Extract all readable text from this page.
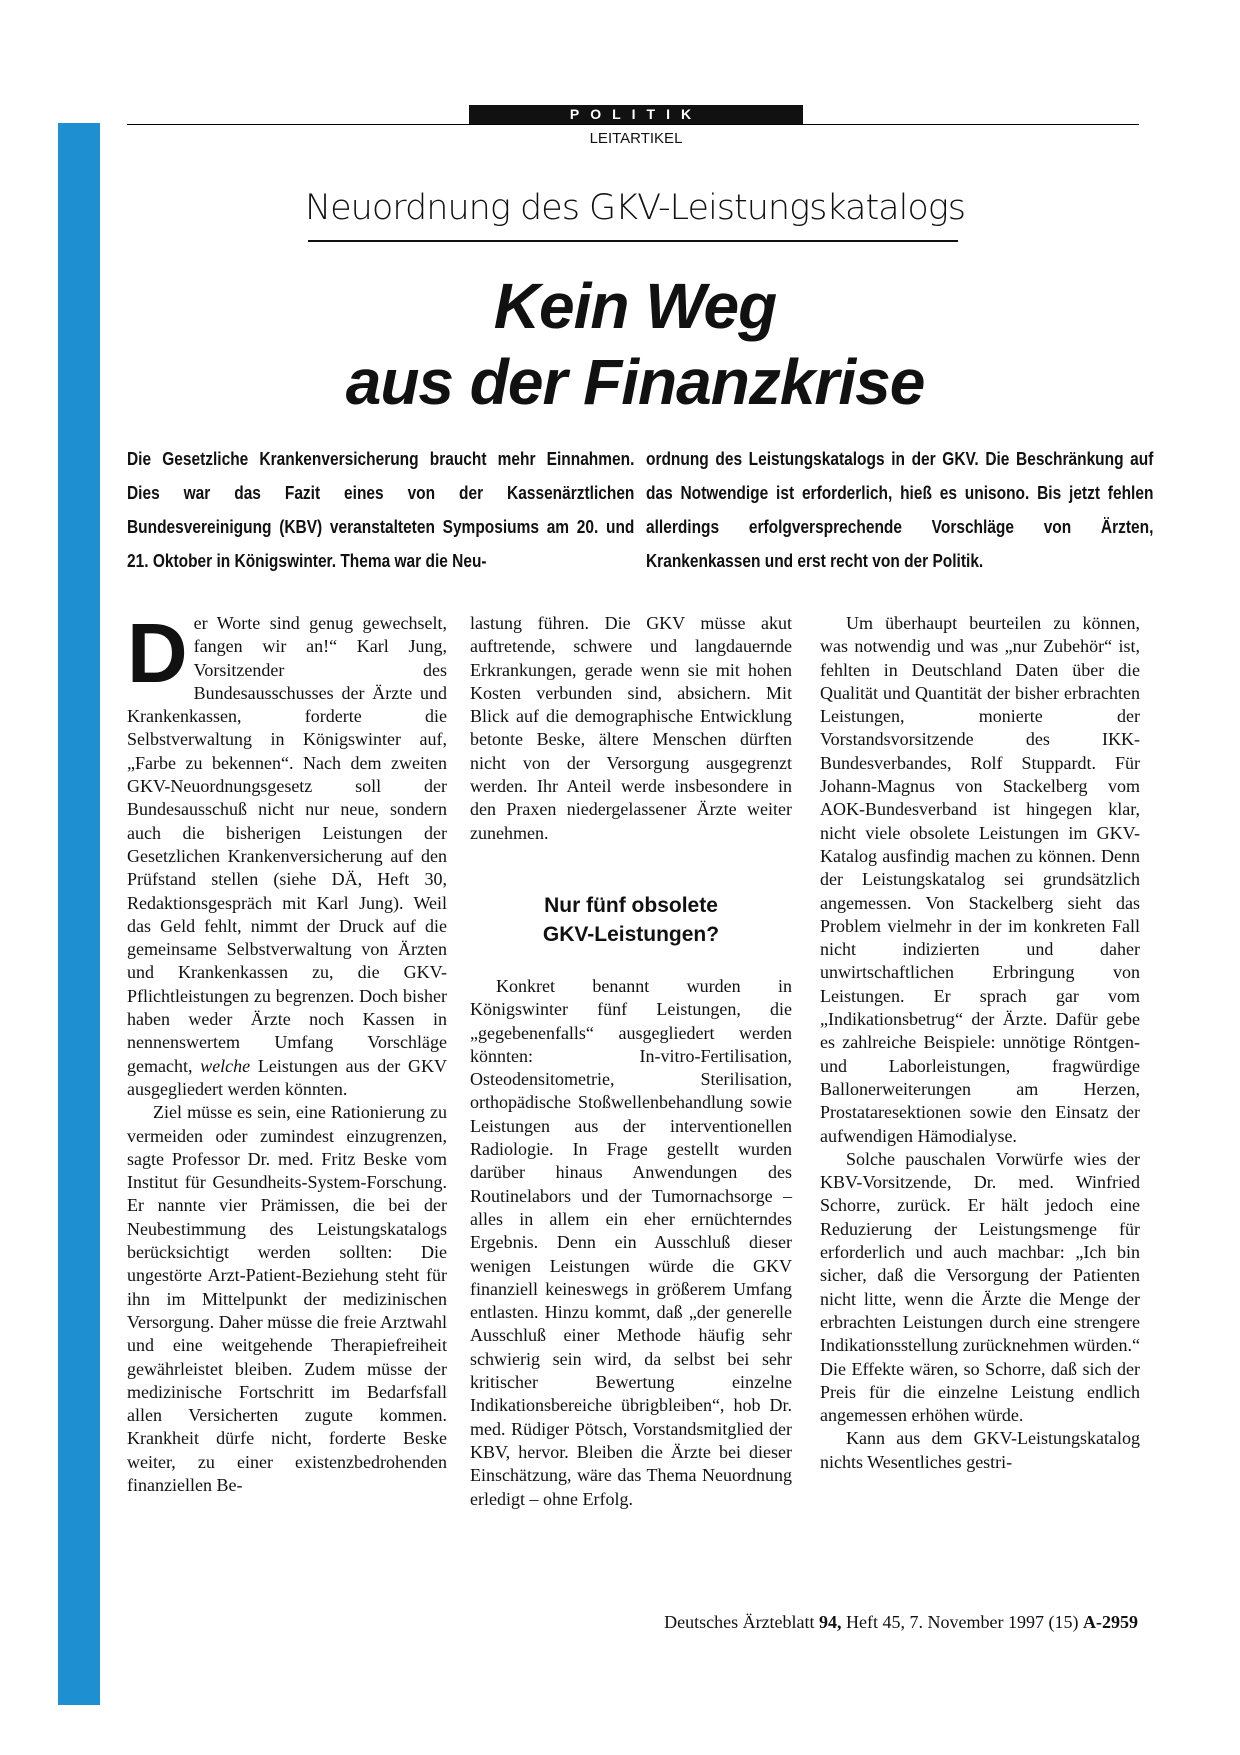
POLITIK
LEITARTIKEL
Neuordnung des GKV-Leistungskatalogs
Kein Weg
aus der Finanzkrise
Die Gesetzliche Krankenversicherung braucht mehr Einnahmen. Dies war das Fazit eines von der Kassenärztlichen Bundesvereinigung (KBV) veranstalteten Symposiums am 20. und 21. Oktober in Königswinter. Thema war die Neu-
ordnung des Leistungskatalogs in der GKV. Die Beschränkung auf das Notwendige ist erforderlich, hieß es unisono. Bis jetzt fehlen allerdings erfolgversprechende Vorschläge von Ärzten, Krankenkassen und erst recht von der Politik.

Der Worte sind genug gewechselt, fangen wir an!“ Karl Jung, Vorsitzender des Bundesausschusses der Ärzte und Krankenkassen, forderte die Selbstverwaltung in Königswinter auf, „Farbe zu bekennen“. Nach dem zweiten GKV-Neuordnungsgesetz soll der Bundesausschuß nicht nur neue, sondern auch die bisherigen Leistungen der Gesetzlichen Krankenversicherung auf den Prüfstand stellen (siehe DÄ, Heft 30, Redaktionsgespräch mit Karl Jung). Weil das Geld fehlt, nimmt der Druck auf die gemeinsame Selbstverwaltung von Ärzten und Krankenkassen zu, die GKV-Pflichtleistungen zu begrenzen. Doch bisher haben weder Ärzte noch Kassen in nennenswertem Umfang Vorschläge gemacht, welche Leistungen aus der GKV ausgegliedert werden könnten.

Ziel müsse es sein, eine Rationierung zu vermeiden oder zumindest einzugrenzen, sagte Professor Dr. med. Fritz Beske vom Institut für Gesundheits-System-Forschung. Er nannte vier Prämissen, die bei der Neubestimmung des Leistungskatalogs berücksichtigt werden sollten: Die ungestörte Arzt-Patient-Beziehung steht für ihn im Mittelpunkt der medizinischen Versorgung. Daher müsse die freie Arztwahl und eine weitgehende Therapiefreiheit gewährleistet bleiben. Zudem müsse der medizinische Fortschritt im Bedarfsfall allen Versicherten zugute kommen. Krankheit dürfe nicht, forderte Beske weiter, zu einer existenzbedrohenden finanziellen Be-

lastung führen. Die GKV müsse akut auftretende, schwere und langdauernde Erkrankungen, gerade wenn sie mit hohen Kosten verbunden sind, absichern. Mit Blick auf die demographische Entwicklung betonte Beske, ältere Menschen dürften nicht von der Versorgung ausgegrenzt werden. Ihr Anteil werde insbesondere in den Praxen niedergelassener Ärzte weiter zunehmen.

Nur fünf obsolete
GKV-Leistungen?

Konkret benannt wurden in Königswinter fünf Leistungen, die „gegebenenfalls“ ausgegliedert werden könnten: In-vitro-Fertilisation, Osteodensitometrie, Sterilisation, orthopädische Stoßwellenbehandlung sowie Leistungen aus der interventionellen Radiologie. In Frage gestellt wurden darüber hinaus Anwendungen des Routinelabors und der Tumornachsorge – alles in allem ein eher ernüchterndes Ergebnis. Denn ein Ausschluß dieser wenigen Leistungen würde die GKV finanziell keineswegs in größerem Umfang entlasten. Hinzu kommt, daß „der generelle Ausschluß einer Methode häufig sehr schwierig sein wird, da selbst bei sehr kritischer Bewertung einzelne Indikationsbereiche übrigbleiben“, hob Dr. med. Rüdiger Pötsch, Vorstandsmitglied der KBV, hervor. Bleiben die Ärzte bei dieser Einschätzung, wäre das Thema Neuordnung erledigt – ohne Erfolg.

Um überhaupt beurteilen zu können, was notwendig und was „nur Zubehör“ ist, fehlten in Deutschland Daten über die Qualität und Quantität der bisher erbrachten Leistungen, monierte der Vorstandsvorsitzende des IKK-Bundesverbandes, Rolf Stuppardt. Für Johann-Magnus von Stackelberg vom AOK-Bundesverband ist hingegen klar, nicht viele obsolete Leistungen im GKV-Katalog ausfindig machen zu können. Denn der Leistungskatalog sei grundsätzlich angemessen. Von Stackelberg sieht das Problem vielmehr in der im konkreten Fall nicht indizierten und daher unwirtschaftlichen Erbringung von Leistungen. Er sprach gar vom „Indikationsbetrug“ der Ärzte. Dafür gebe es zahlreiche Beispiele: unnötige Röntgen- und Laborleistungen, fragwürdige Ballonerweiterungen am Herzen, Prostataresektionen sowie den Einsatz der aufwendigen Hämodialyse.

Solche pauschalen Vorwürfe wies der KBV-Vorsitzende, Dr. med. Winfried Schorre, zurück. Er hält jedoch eine Reduzierung der Leistungsmenge für erforderlich und auch machbar: „Ich bin sicher, daß die Versorgung der Patienten nicht litte, wenn die Ärzte die Menge der erbrachten Leistungen durch eine strengere Indikationsstellung zurücknehmen würden.“ Die Effekte wären, so Schorre, daß sich der Preis für die einzelne Leistung endlich angemessen erhöhen würde.

Kann aus dem GKV-Leistungskatalog nichts Wesentliches gestri-

Deutsches Ärzteblatt 94, Heft 45, 7. November 1997 (15) A-2959
